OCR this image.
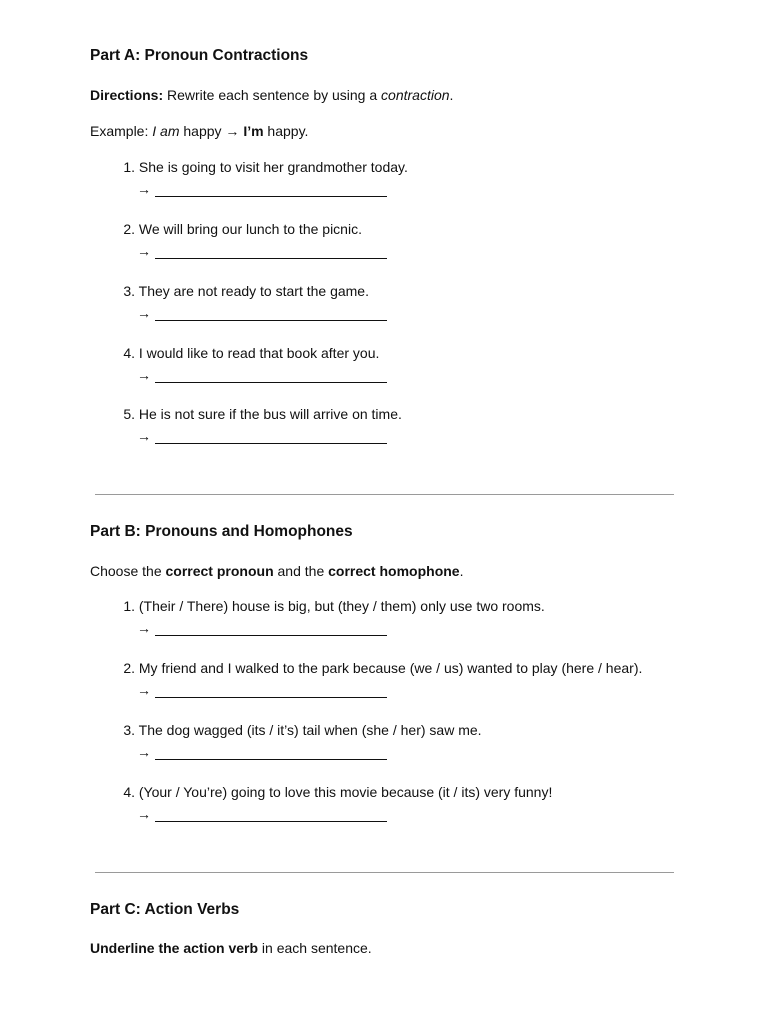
Part A: Pronoun Contractions

Directions: Rewrite each sentence by using a contraction.

Example: I am happy → I’m happy.

1. She is going to visit her grandmother today.
→
2. We will bring our lunch to the picnic.
→
3. They are not ready to start the game.
→
4. I would like to read that book after you.
→
5. He is not sure if the bus will arrive on time.
→
Part B: Pronouns and Homophones

Choose the correct pronoun and the correct homophone.

1. (Their / There) house is big, but (they / them) only use two rooms.
→
2. My friend and I walked to the park because (we / us) wanted to play (here / hear).
→
3. The dog wagged (its / it’s) tail when (she / her) saw me.
→
4. (Your / You’re) going to love this movie because (it / its) very funny!
→
Part C: Action Verbs

Underline the action verb in each sentence.
